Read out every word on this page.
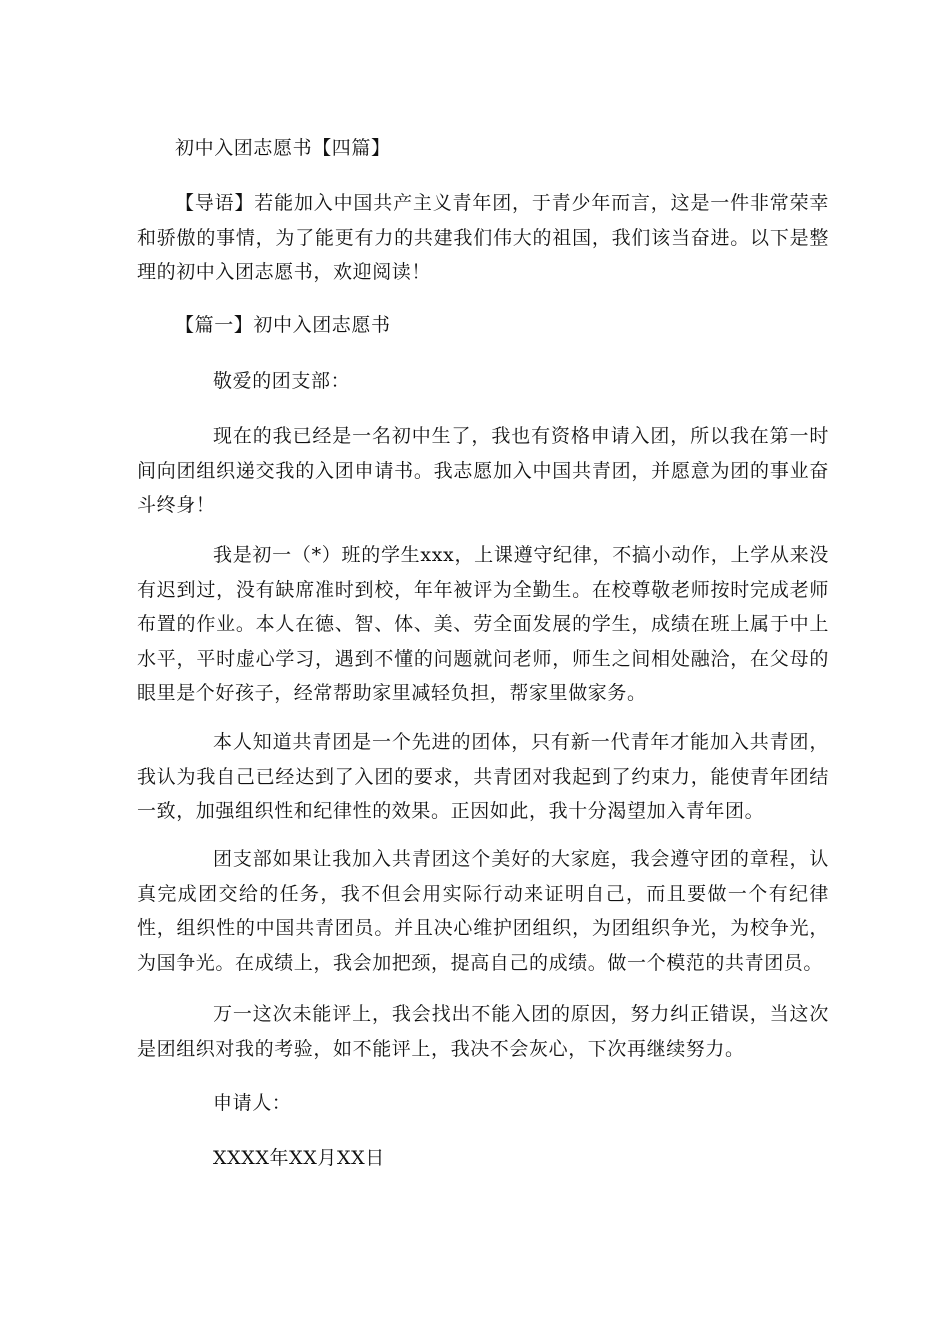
初中入团志愿书【四篇】
【导语】若能加入中国共产主义青年团，于青少年而言，这是一件非常荣幸和骄傲的事情，为了能更有力的共建我们伟大的祖国，我们该当奋进。以下是整理的初中入团志愿书，欢迎阅读！
【篇一】初中入团志愿书
敬爱的团支部：
现在的我已经是一名初中生了，我也有资格申请入团，所以我在第一时间向团组织递交我的入团申请书。我志愿加入中国共青团，并愿意为团的事业奋斗终身！
我是初一（*）班的学生xxx，上课遵守纪律，不搞小动作，上学从来没有迟到过，没有缺席准时到校，年年被评为全勤生。在校尊敬老师按时完成老师布置的作业。本人在德、智、体、美、劳全面发展的学生，成绩在班上属于中上水平，平时虚心学习，遇到不懂的问题就问老师，师生之间相处融洽，在父母的眼里是个好孩子，经常帮助家里减轻负担，帮家里做家务。
本人知道共青团是一个先进的团体，只有新一代青年才能加入共青团，我认为我自己已经达到了入团的要求，共青团对我起到了约束力，能使青年团结一致，加强组织性和纪律性的效果。正因如此，我十分渴望加入青年团。
团支部如果让我加入共青团这个美好的大家庭，我会遵守团的章程，认真完成团交给的任务，我不但会用实际行动来证明自己，而且要做一个有纪律性，组织性的中国共青团员。并且决心维护团组织，为团组织争光，为校争光，为国争光。在成绩上，我会加把颈，提高自己的成绩。做一个模范的共青团员。
万一这次未能评上，我会找出不能入团的原因，努力纠正错误，当这次是团组织对我的考验，如不能评上，我决不会灰心，下次再继续努力。
申请人：
XXXX年XX月XX日
